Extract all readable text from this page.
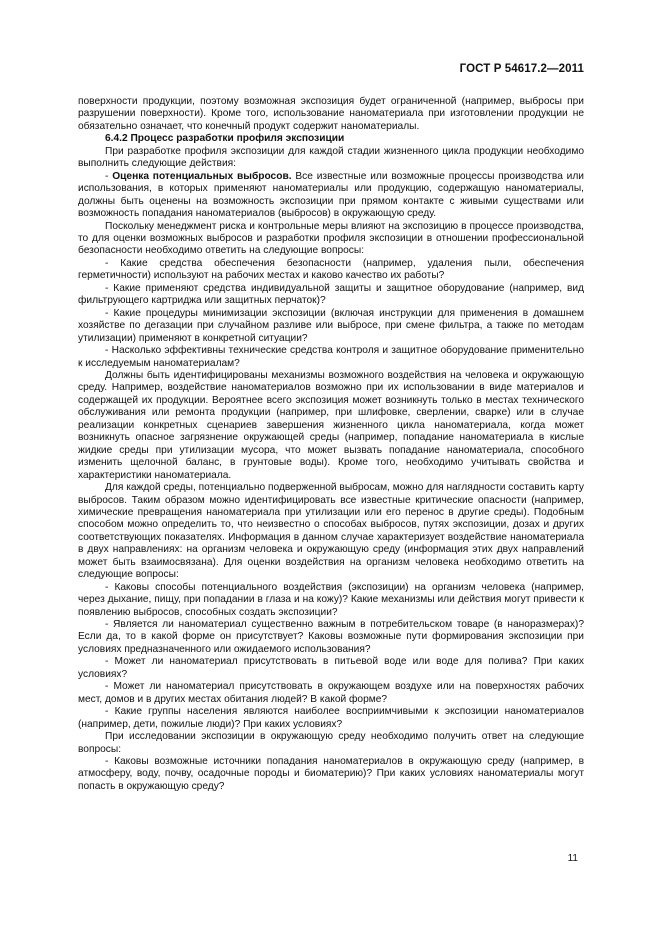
ГОСТ Р 54617.2—2011

поверхности продукции, поэтому возможная экспозиция будет ограниченной (например, выбросы при разрушении поверхности). Кроме того, использование наноматериала при изготовлении продукции не обязательно означает, что конечный продукт содержит наноматериалы.

6.4.2 Процесс разработки профиля экспозиции

При разработке профиля экспозиции для каждой стадии жизненного цикла продукции необходимо выполнить следующие действия:

- Оценка потенциальных выбросов. Все известные или возможные процессы производства или использования, в которых применяют наноматериалы или продукцию, содержащую наноматериалы, должны быть оценены на возможность экспозиции при прямом контакте с живыми существами или возможность попадания наноматериалов (выбросов) в окружающую среду.

Поскольку менеджмент риска и контрольные меры влияют на экспозицию в процессе производства, то для оценки возможных выбросов и разработки профиля экспозиции в отношении профессиональной безопасности необходимо ответить на следующие вопросы:

- Какие средства обеспечения безопасности (например, удаления пыли, обеспечения герметичности) используют на рабочих местах и каково качество их работы?

- Какие применяют средства индивидуальной защиты и защитное оборудование (например, вид фильтрующего картриджа или защитных перчаток)?

- Какие процедуры минимизации экспозиции (включая инструкции для применения в домашнем хозяйстве по дегазации при случайном разливе или выбросе, при смене фильтра, а также по методам утилизации) применяют в конкретной ситуации?

- Насколько эффективны технические средства контроля и защитное оборудование применительно к исследуемым наноматериалам?

Должны быть идентифицированы механизмы возможного воздействия на человека и окружающую среду. Например, воздействие наноматериалов возможно при их использовании в виде материалов и содержащей их продукции. Вероятнее всего экспозиция может возникнуть только в местах технического обслуживания или ремонта продукции (например, при шлифовке, сверлении, сварке) или в случае реализации конкретных сценариев завершения жизненного цикла наноматериала, когда может возникнуть опасное загрязнение окружающей среды (например, попадание наноматериала в кислые жидкие среды при утилизации мусора, что может вызвать попадание наноматериала, способного изменить щелочной баланс, в грунтовые воды). Кроме того, необходимо учитывать свойства и характеристики наноматериала.

Для каждой среды, потенциально подверженной выбросам, можно для наглядности составить карту выбросов. Таким образом можно идентифицировать все известные критические опасности (например, химические превращения наноматериала при утилизации или его перенос в другие среды). Подобным способом можно определить то, что неизвестно о способах выбросов, путях экспозиции, дозах и других соответствующих показателях. Информация в данном случае характеризует воздействие наноматериала в двух направлениях: на организм человека и окружающую среду (информация этих двух направлений может быть взаимосвязана). Для оценки воздействия на организм человека необходимо ответить на следующие вопросы:

- Каковы способы потенциального воздействия (экспозиции) на организм человека (например, через дыхание, пищу, при попадании в глаза и на кожу)? Какие механизмы или действия могут привести к появлению выбросов, способных создать экспозиции?

- Является ли наноматериал существенно важным в потребительском товаре (в наноразмерах)? Если да, то в какой форме он присутствует? Каковы возможные пути формирования экспозиции при условиях предназначенного или ожидаемого использования?

- Может ли наноматериал присутствовать в питьевой воде или воде для полива? При каких условиях?

- Может ли наноматериал присутствовать в окружающем воздухе или на поверхностях рабочих мест, домов и в других местах обитания людей? В какой форме?

- Какие группы населения являются наиболее восприимчивыми к экспозиции наноматериалов (например, дети, пожилые люди)? При каких условиях?

При исследовании экспозиции в окружающую среду необходимо получить ответ на следующие вопросы:

- Каковы возможные источники попадания наноматериалов в окружающую среду (например, в атмосферу, воду, почву, осадочные породы и биоматерию)? При каких условиях наноматериалы могут попасть в окружающую среду?

11
